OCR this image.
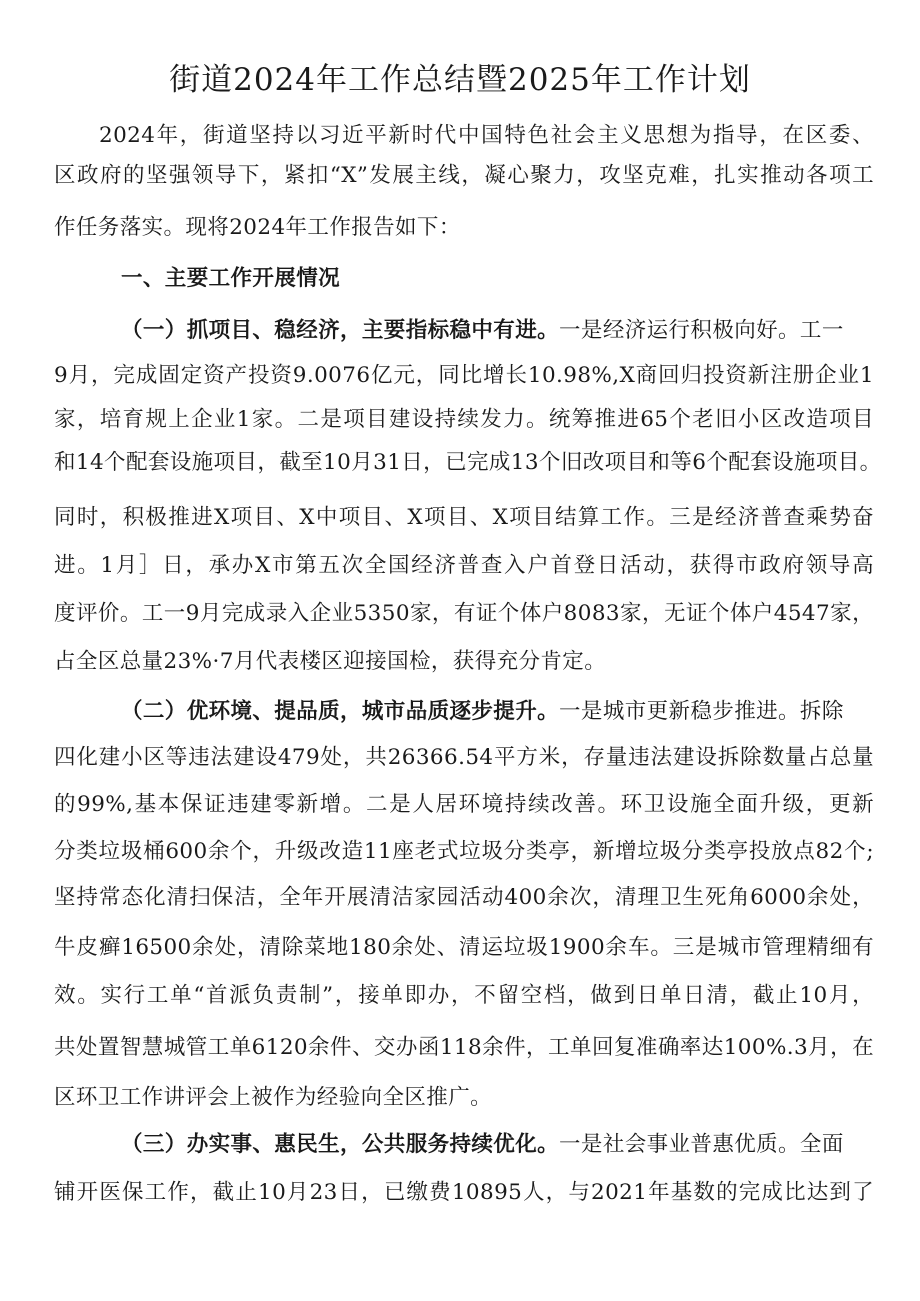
街道2024年工作总结暨2025年工作计划
2024年，街道坚持以习近平新时代中国特色社会主义思想为指导，在区委、
区政府的坚强领导下，紧扣“X”发展主线，凝心聚力，攻坚克难，扎实推动各项工
作任务落实。现将2024年工作报告如下：
一、主要工作开展情况
（一）抓项目、稳经济，主要指标稳中有进。一是经济运行积极向好。工一
9月，完成固定资产投资9.0076亿元，同比增长10.98%,X商回归投资新注册企业1
家，培育规上企业1家。二是项目建设持续发力。统筹推进65个老旧小区改造项目
和14个配套设施项目，截至10月31日，已完成13个旧改项目和等6个配套设施项目。
同时，积极推进X项目、X中项目、X项目、X项目结算工作。三是经济普查乘势奋
进。1月］日，承办X市第五次全国经济普查入户首登日活动，获得市政府领导高
度评价。工一9月完成录入企业5350家，有证个体户8083家，无证个体户4547家，
占全区总量23%·7月代表楼区迎接国检，获得充分肯定。
（二）优环境、提品质，城市品质逐步提升。一是城市更新稳步推进。拆除
四化建小区等违法建设479处，共26366.54平方米，存量违法建设拆除数量占总量
的99%,基本保证违建零新增。二是人居环境持续改善。环卫设施全面升级，更新
分类垃圾桶600余个，升级改造11座老式垃圾分类亭，新增垃圾分类亭投放点82个;
坚持常态化清扫保洁，全年开展清洁家园活动400余次，清理卫生死角6000余处，
牛皮癣16500余处，清除菜地180余处、清运垃圾1900余车。三是城市管理精细有
效。实行工单“首派负责制”，接单即办，不留空档，做到日单日清，截止10月，
共处置智慧城管工单6120余件、交办函118余件，工单回复准确率达100%.3月，在
区环卫工作讲评会上被作为经验向全区推广。
（三）办实事、惠民生，公共服务持续优化。一是社会事业普惠优质。全面
铺开医保工作，截止10月23日，已缴费10895人，与2021年基数的完成比达到了
